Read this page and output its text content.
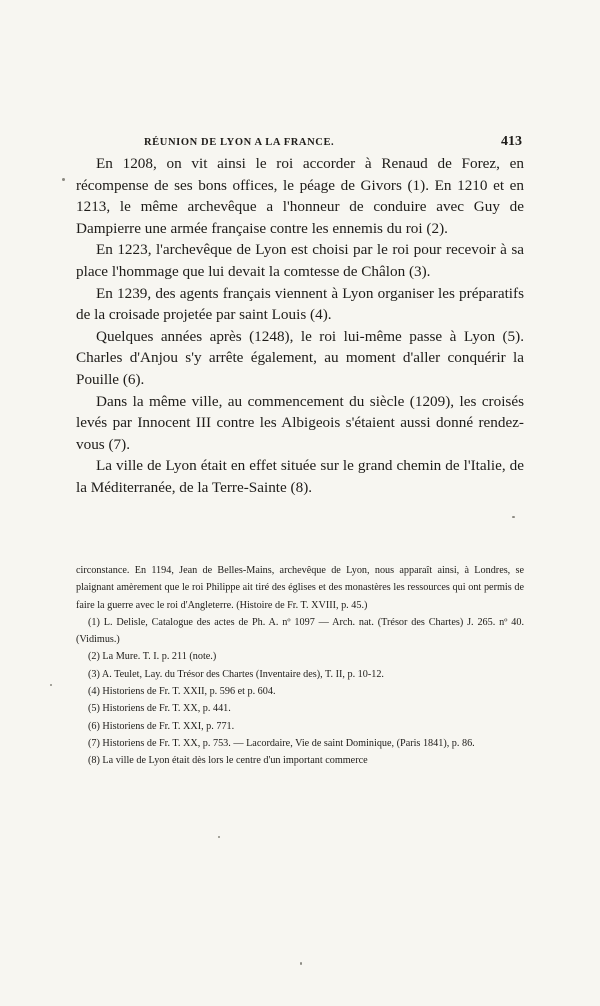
RÉUNION DE LYON A LA FRANCE.	413

En 1208, on vit ainsi le roi accorder à Renaud de Forez, en récompense de ses bons offices, le péage de Givors (1). En 1210 et en 1213, le même archevêque a l'honneur de conduire avec Guy de Dampierre une armée française contre les ennemis du roi (2).

En 1223, l'archevêque de Lyon est choisi par le roi pour recevoir à sa place l'hommage que lui devait la comtesse de Châlon (3).

En 1239, des agents français viennent à Lyon organiser les préparatifs de la croisade projetée par saint Louis (4).

Quelques années après (1248), le roi lui-même passe à Lyon (5). Charles d'Anjou s'y arrête également, au moment d'aller conquérir la Pouille (6).

Dans la même ville, au commencement du siècle (1209), les croisés levés par Innocent III contre les Albigeois s'étaient aussi donné rendez-vous (7).

La ville de Lyon était en effet située sur le grand chemin de l'Italie, de la Méditerranée, de la Terre-Sainte (8).

circonstance. En 1194, Jean de Belles-Mains, archevêque de Lyon, nous apparaît ainsi, à Londres, se plaignant amèrement que le roi Philippe ait tiré des églises et des monastères les ressources qui ont permis de faire la guerre avec le roi d'Angleterre. (Histoire de Fr. T. XVIII, p. 45.)

(1) L. Delisle, Catalogue des actes de Ph. A. nº 1097 — Arch. nat. (Trésor des Chartes) J. 265. nº 40. (Vidimus.)

(2) La Mure. T. I. p. 211 (note.)

(3) A. Teulet, Lay. du Trésor des Chartes (Inventaire des), T. II, p. 10-12.

(4) Historiens de Fr. T. XXII, p. 596 et p. 604.

(5) Historiens de Fr. T. XX, p. 441.

(6) Historiens de Fr. T. XXI, p. 771.

(7) Historiens de Fr. T. XX, p. 753. — Lacordaire, Vie de saint Dominique, (Paris 1841), p. 86.

(8) La ville de Lyon était dès lors le centre d'un important commerce
